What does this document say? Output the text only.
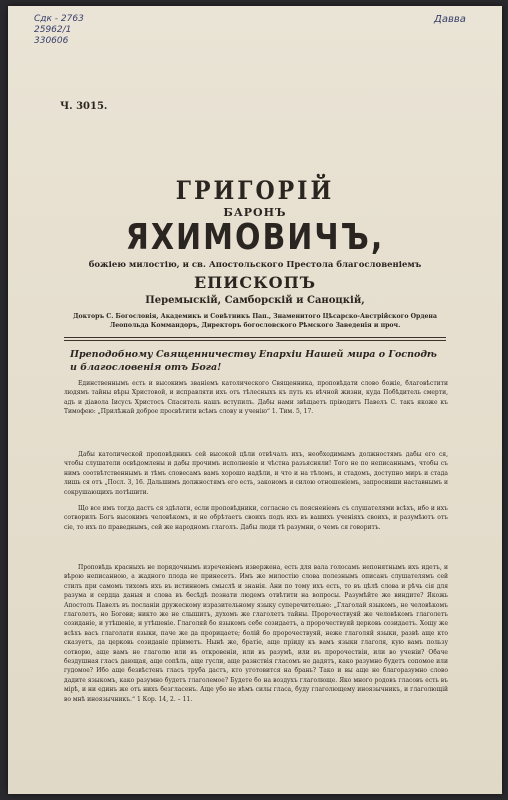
Сдк - 2763
25962/1
330606
Давва
Ч. 3015.
ГРИГОРІЙ
БАРОНЪ
ЯХИМОВИЧЪ,
божіею милостію, и св. Апостольского Престола благословеніемъ
ЕПИСКОПЪ
Перемыскій, Самборскій и Саноцкій,
Докторъ С. Богословія, Академикъ и Совѣтникъ Пап., Знаменитого Цѣсарско-Австрійского Ордена Леопольда Коммандоръ, Директоръ богословского Рѣмского Заведенія и проч.
Преподобному Священничеству Епархіи Нашей мира о Господѣ и благословенія отъ Бога!
Единственнымъ есть и высокимъ званіемъ католического Священника, проповѣдати слово божіе, благовѣстити людямъ тайны вѣры Христовой, и исправляти ихъ отъ тѣлесныхъ къ путь къ вѣчной жизни, куда Побѣдитель смерти, адъ и діавола Іисусъ Христосъ Спаситель нашъ вступилъ. Дабы нами звѣщаетъ пріводитъ Павелъ С. такъ якоже къ Тимофею: „Прилѣжай доброе просвѣтити всѣмъ слову и ученію“ 1. Тим. 5, 17.
Дабы католической проповѣдникъ сей высокой цѣли отвѣчалъ ихъ, необходимымъ должностямъ дабы его ся, чтобы слушатели освѣдомлены и дабы прочимъ исполненіе и чѣстна разъясняли! Того не по неписаннымъ, чтобы съ нимъ соотвѣтственнымъ и тѣмъ словесамъ вамъ хорошо надѣли, и что и на тѣломъ, и стадомъ, доступно миръ и стада лишь ся отъ „Посл. 3, 16. Дальшимъ должностямъ его есть, закономъ и силою отношеніемъ, запросивши наставнымъ и сокрушающихъ потѣшити.
Що все имъ тогда дастъ ся здѣлати, если проповѣдники, согласно съ поясненіемъ съ слушателями всѣхъ, ибо и ихъ сотворилъ Богъ высокимъ человѣкомъ, и не обрѣтаетъ своихъ подъ ихъ въ вашихъ ученіяхъ своихъ, и разумѣютъ отъ сіе, то ихъ по праведнымъ, сей же народномъ глаголъ. Дабы люди тѣ разумни, о чемъ ся говоритъ.
Проповѣдь красныхъ не порядочнымъ изреченіемъ извержена, есть для вала голосамъ непонятнымъ ихъ идетъ, и вѣрою неписанною, а жадного плода не принесетъ. Имъ же милостію слова полезнымъ описанъ слушателямъ сей стилъ при самомъ тихомъ ихъ въ истинномъ смыслѣ и знанія. Ани по тому ихъ есть, то въ цѣлѣ слова и рѣчь сія для разума и сердца даныя и слова въ бесѣдѣ познати людемъ отвѣтити на вопросы. Разумѣйте же виндите? Якожь Апостолъ Павелъ въ посланіи дружескому изразительному языку суперечительно: „Глаголай языкомъ, не человѣкомъ глаголетъ, но Богови; никто же не слышитъ, духомъ же глаголетъ тайны. Пророчествуяй же человѣкомъ глаголетъ созиданіе, и утѣшеніе, и утѣшеніе. Глаголяй бо языкомъ себе созидаетъ, а пророчествуяй церковь созидаетъ. Хощу же всѣхъ васъ глаголати языки, паче же да прорицаете; болій бо пророчествуяй, неже глаголяй языки, развѣ аще кто сказуетъ, да церковь созиданіе пріиметъ. Нынѣ же, братіе, аще пріиду къ вамъ языки глаголя, кую вамъ пользу сотворю, аще вамъ не глаголю или въ откровеніи, или въ разумѣ, или въ пророчествіи, или во ученіи? Обаче бездушная гласъ дающая, аще сопѣль, аще гусли, аще разнствія гласомъ не дадятъ, како разумно будетъ сопомое или гудомое? Ибо аще безвѣстенъ гласъ труба дастъ, кто уготовится на брань? Тако и вы аще не благоразумно слово дадите языкомъ, како разумно будетъ глаголемое? Будете бо на воздухъ глаголюще. Яко много родовъ гласовъ есть въ мірѣ, и ни единъ же отъ нихъ безгласенъ. Аще убо не вѣмъ силы гласа, буду глаголющему иноязычникъ, и глаголющій во мнѣ иноязычникъ.“ 1 Кор. 14, 2. – 11.
